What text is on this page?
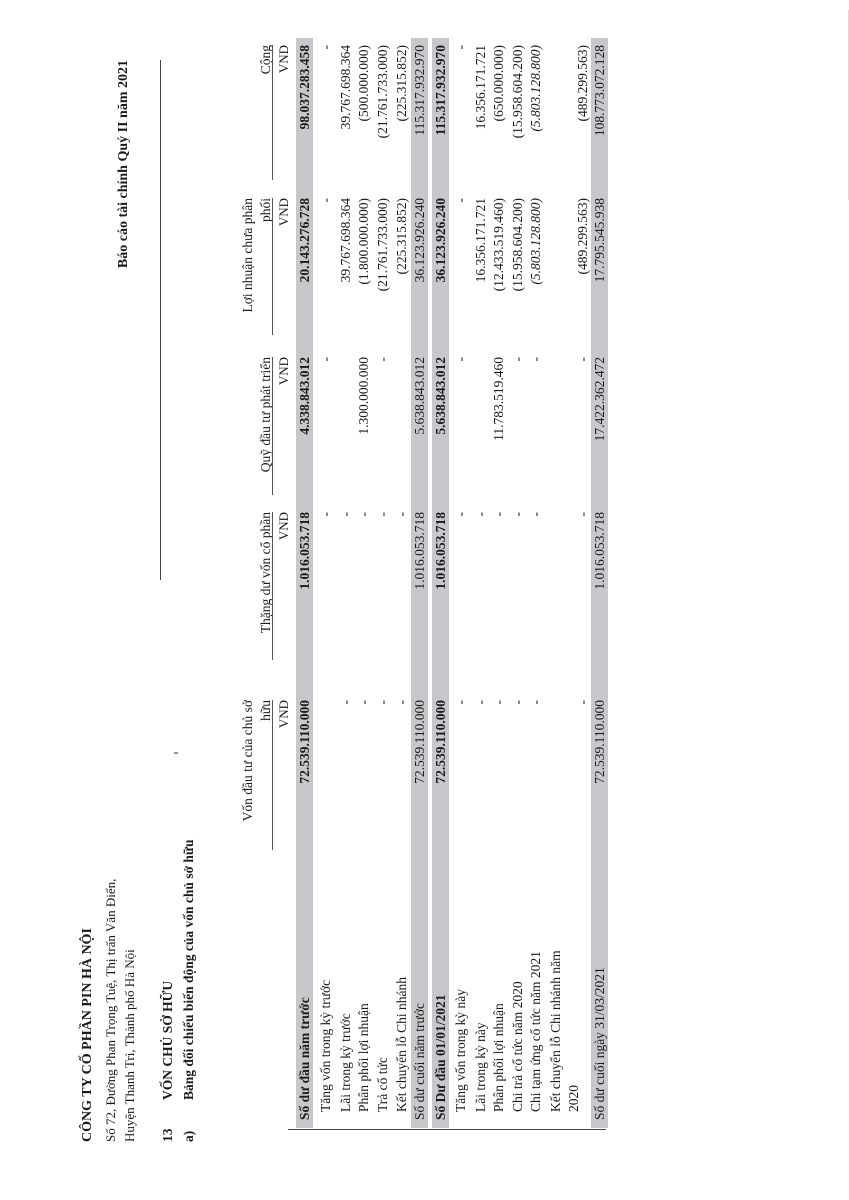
CÔNG TY CỔ PHẦN PIN HÀ NỘI Số 72, Đường Phan Trọng Tuệ, Thị trấn Văn Điển, Huyện Thanh Trì, Thành phố Hà Nội
Báo cáo tài chính Quý II năm 2021
13
VỐN CHỦ SỞ HỮU
a)
Bảng đối chiếu biến động của vốn chủ sở hữu
Vốn đầu tư của chủ sở hữu VND
Thặng dư vốn cổ phần VND
Quỹ đầu tư phát triển VND
Lợi nhuận chưa phân phối VND
Cộng VND
Số dư đầu năm trước
72.539.110.000
1.016.053.718
4.338.843.012
20.143.276.728
98.037.283.458
Tăng vốn trong kỳ trước
-
-
-
-
Lãi trong kỳ trước
-
-
39.767.698.364
39.767.698.364
Phân phối lợi nhuận
-
-
1.300.000.000
(1.800.000.000)
(500.000.000)
Trả cổ tức
-
-
-
(21.761.733.000)
(21.761.733.000)
Kết chuyển lỗ Chi nhánh
-
-
(225.315.852)
(225.315.852)
Số dư cuối năm trước
72.539.110.000
1.016.053.718
5.638.843.012
36.123.926.240
115.317.932.970
Số Dư đầu 01/01/2021
72.539.110.000
1.016.053.718
5.638.843.012
36.123.926.240
115.317.932.970
Tăng vốn trong kỳ này
-
-
-
-
-
Lãi trong kỳ này
-
-
16.356.171.721
16.356.171.721
Phân phối lợi nhuận
-
-
11.783.519.460
(12.433.519.460)
(650.000.000)
Chi trả cổ tức năm 2020
-
-
-
(15.958.604.200)
(15.958.604.200)
Chi tạm ứng cổ tức năm 2021
-
-
-
(5.803.128.800)
(5.803.128.800)
Kết chuyển lỗ Chi nhánh năm 2020
-
-
-
(489.299.563)
(489.299.563)
Số dư cuối ngày 31/03/2021
72.539.110.000
1.016.053.718
17.422.362.472
17.795.545.938
108.773.072.128
